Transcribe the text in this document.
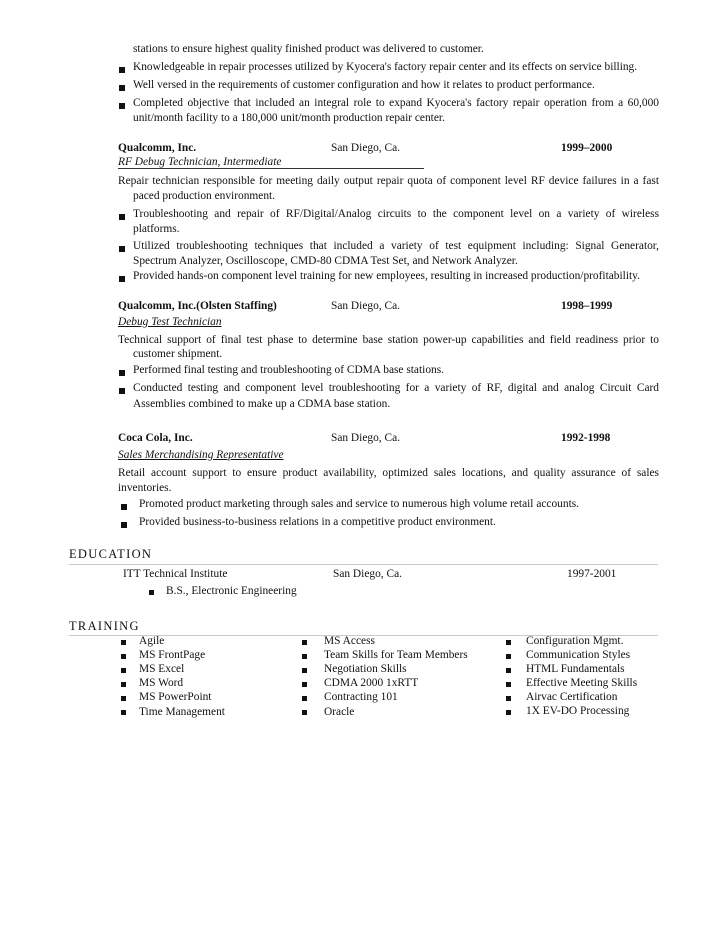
stations to ensure highest quality finished product was delivered to customer.
Knowledgeable in repair processes utilized by Kyocera's factory repair center and its effects on service billing.
Well versed in the requirements of customer configuration and how it relates to product performance.
Completed objective that included an integral role to expand Kyocera's factory repair operation from a 60,000
unit/month facility to a 180,000 unit/month production repair center.
Qualcomm, Inc.	San Diego, Ca.	1999–2000
RF Debug Technician, Intermediate
Repair technician responsible for meeting daily output repair quota of component level RF device failures in a fast
paced production environment.
Troubleshooting and repair of RF/Digital/Analog circuits to the component level on a variety of wireless
platforms.
Utilized troubleshooting techniques that included a variety of test equipment including: Signal Generator,
Spectrum Analyzer, Oscilloscope, CMD-80 CDMA Test Set, and Network Analyzer.
Provided hands-on component level training for new employees, resulting in increased production/profitability.
Qualcomm, Inc.(Olsten Staffing)	San Diego, Ca.	1998–1999
Debug Test Technician
Technical support of final test phase to determine base station power-up capabilities and field readiness prior to
customer shipment.
Performed final testing and troubleshooting of CDMA base stations.
Conducted testing and component level troubleshooting for a variety of RF, digital and analog Circuit Card
Assemblies combined to make up a CDMA base station.
Coca Cola, Inc.	San Diego, Ca.	1992-1998
Sales Merchandising Representative
Retail account support to ensure product availability, optimized sales locations, and quality assurance of sales
inventories.
Promoted product marketing through sales and service to numerous high volume retail accounts.
Provided business-to-business relations in a competitive product environment.
EDUCATION
ITT Technical Institute	San Diego, Ca.	1997-2001
B.S., Electronic Engineering
TRAINING
Agile
MS FrontPage
MS Excel
MS Word
MS PowerPoint
Time Management
MS Access
Team Skills for Team Members
Negotiation Skills
CDMA 2000 1xRTT
Contracting 101
Oracle
Configuration Mgmt.
Communication Styles
HTML Fundamentals
Effective Meeting Skills
Airvac Certification
1X EV-DO Processing
